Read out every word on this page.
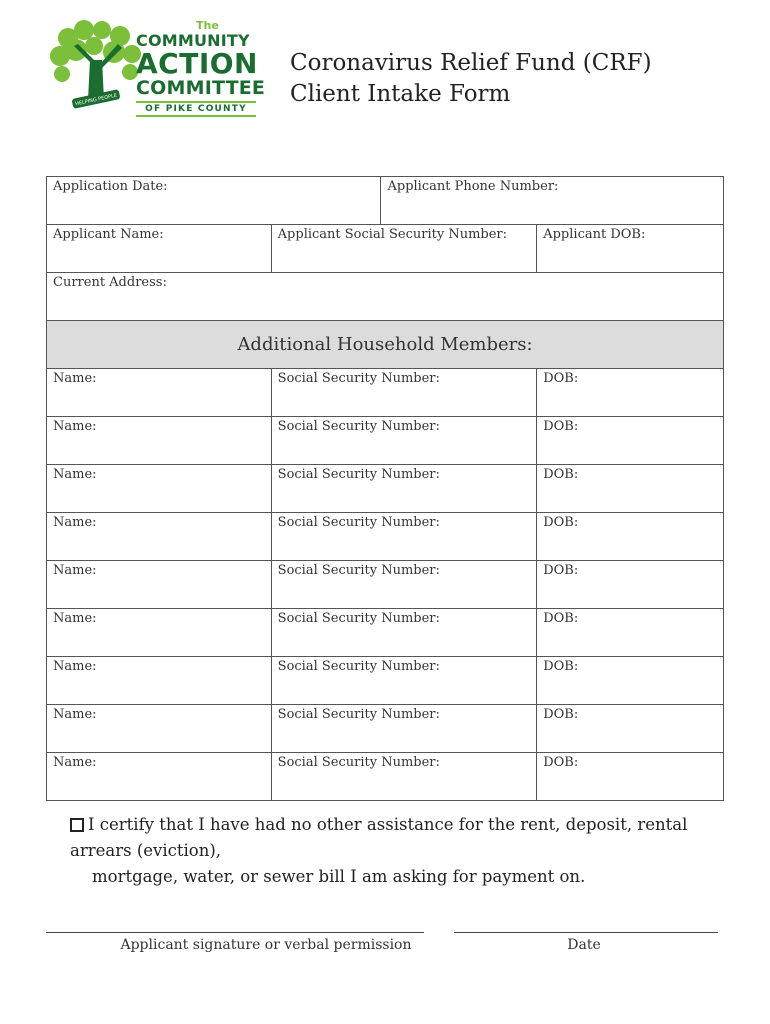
HELPING PEOPLE
The
COMMUNITY
ACTION
COMMITTEE
OF PIKE COUNTY
Coronavirus Relief Fund (CRF)
Client Intake Form
Application Date:		Applicant Phone Number:	
Applicant Name:	Applicant Social Security Number:		Applicant DOB:
Current Address:			
Additional Household Members:			
Name:	Social Security Number:		DOB:
Name:	Social Security Number:		DOB:
Name:	Social Security Number:		DOB:
Name:	Social Security Number:		DOB:
Name:	Social Security Number:		DOB:
Name:	Social Security Number:		DOB:
Name:	Social Security Number:		DOB:
Name:	Social Security Number:		DOB:
Name:	Social Security Number:		DOB:
I certify that I have had no other assistance for the rent, deposit, rental arrears (eviction),
mortgage, water, or sewer bill I am asking for payment on.
Applicant signature or verbal permission	Date
